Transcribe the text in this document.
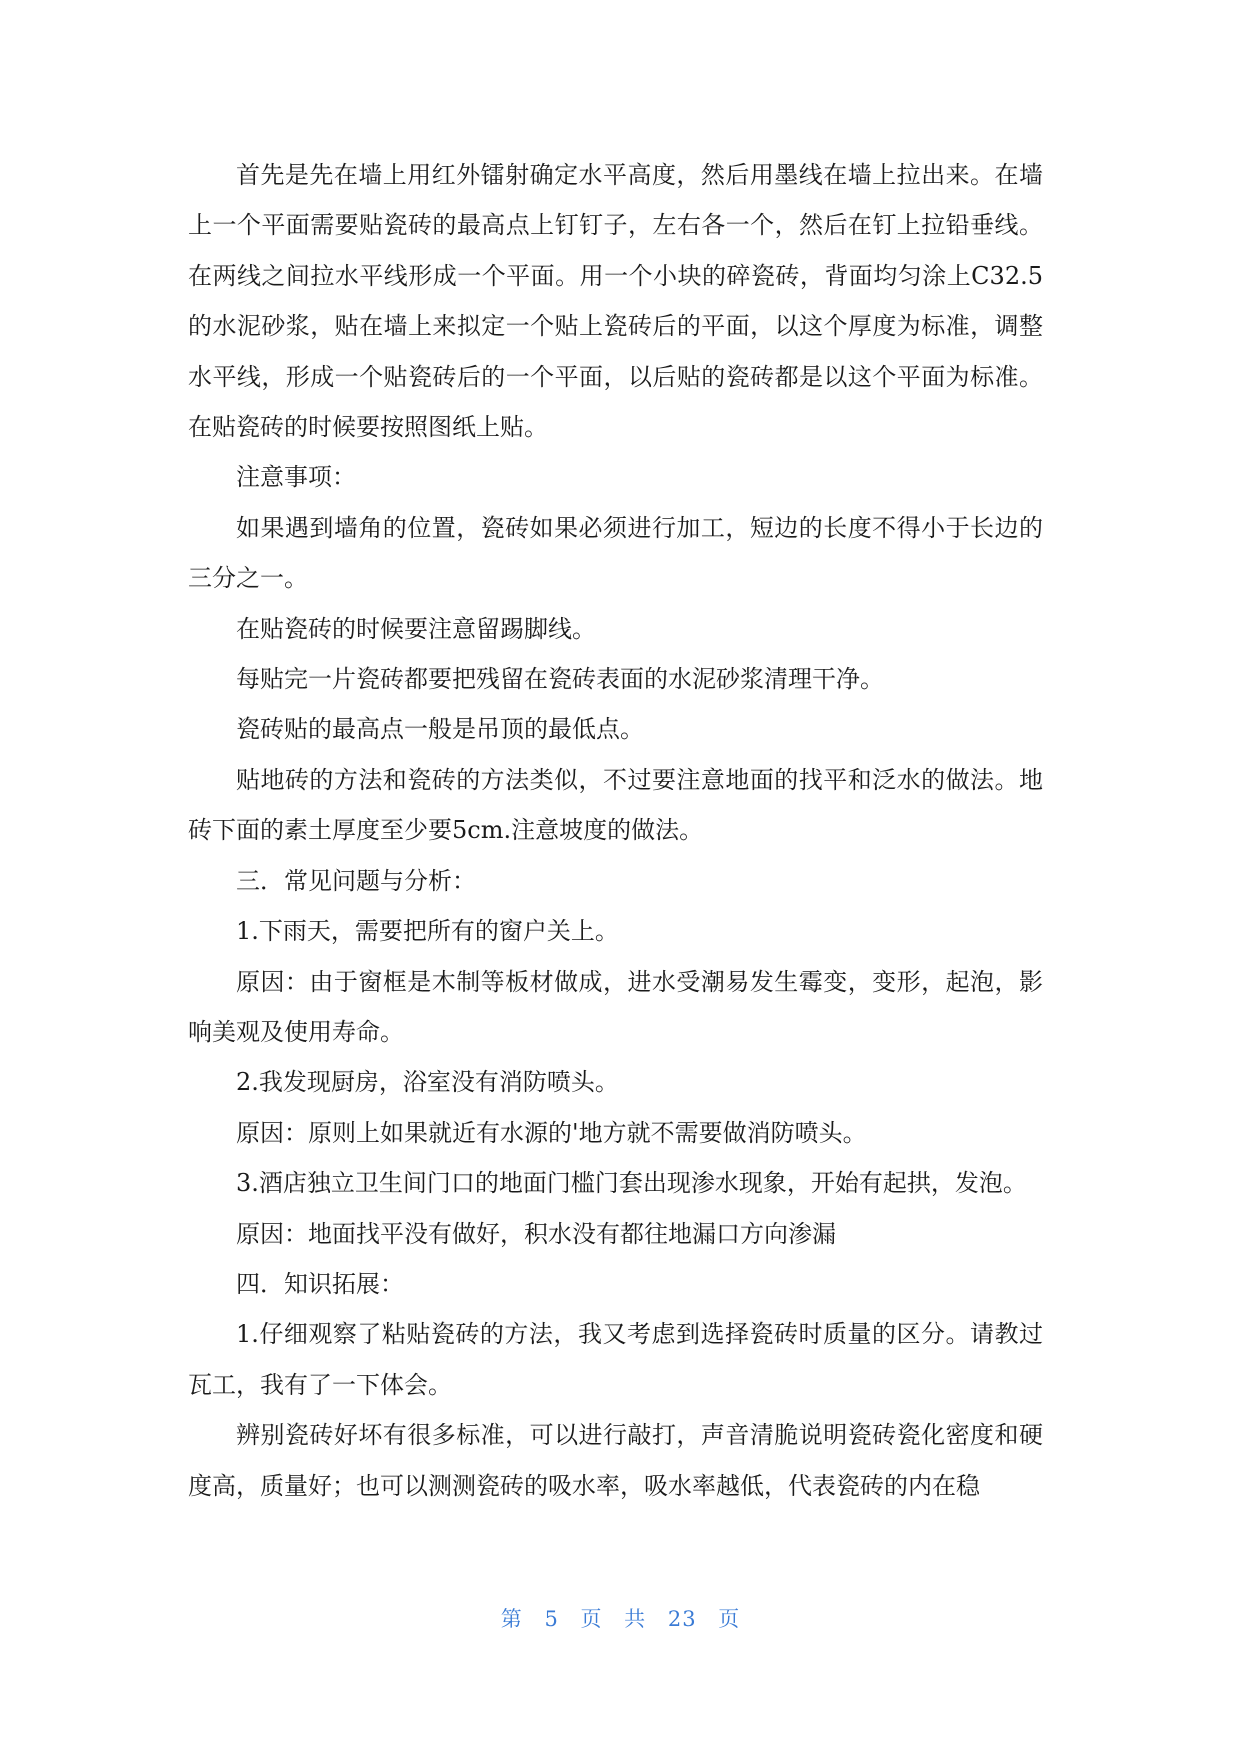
首先是先在墙上用红外镭射确定水平高度，然后用墨线在墙上拉出来。在墙上一个平面需要贴瓷砖的最高点上钉钉子，左右各一个，然后在钉上拉铅垂线。在两线之间拉水平线形成一个平面。用一个小块的碎瓷砖，背面均匀涂上C32.5的水泥砂浆，贴在墙上来拟定一个贴上瓷砖后的平面，以这个厚度为标准，调整水平线，形成一个贴瓷砖后的一个平面，以后贴的瓷砖都是以这个平面为标准。在贴瓷砖的时候要按照图纸上贴。

注意事项：

如果遇到墙角的位置，瓷砖如果必须进行加工，短边的长度不得小于长边的三分之一。

在贴瓷砖的时候要注意留踢脚线。

每贴完一片瓷砖都要把残留在瓷砖表面的水泥砂浆清理干净。

瓷砖贴的最高点一般是吊顶的最低点。

贴地砖的方法和瓷砖的方法类似，不过要注意地面的找平和泛水的做法。地砖下面的素土厚度至少要5cm.注意坡度的做法。

三．常见问题与分析：

1.下雨天，需要把所有的窗户关上。

原因：由于窗框是木制等板材做成，进水受潮易发生霉变，变形，起泡，影响美观及使用寿命。

2.我发现厨房，浴室没有消防喷头。

原因：原则上如果就近有水源的'地方就不需要做消防喷头。

3.酒店独立卫生间门口的地面门槛门套出现渗水现象，开始有起拱，发泡。

原因：地面找平没有做好，积水没有都往地漏口方向渗漏

四．知识拓展：

1.仔细观察了粘贴瓷砖的方法，我又考虑到选择瓷砖时质量的区分。请教过瓦工，我有了一下体会。

辨别瓷砖好坏有很多标准，可以进行敲打，声音清脆说明瓷砖瓷化密度和硬度高，质量好；也可以测测瓷砖的吸水率，吸水率越低，代表瓷砖的内在稳

第 5 页 共 23 页
